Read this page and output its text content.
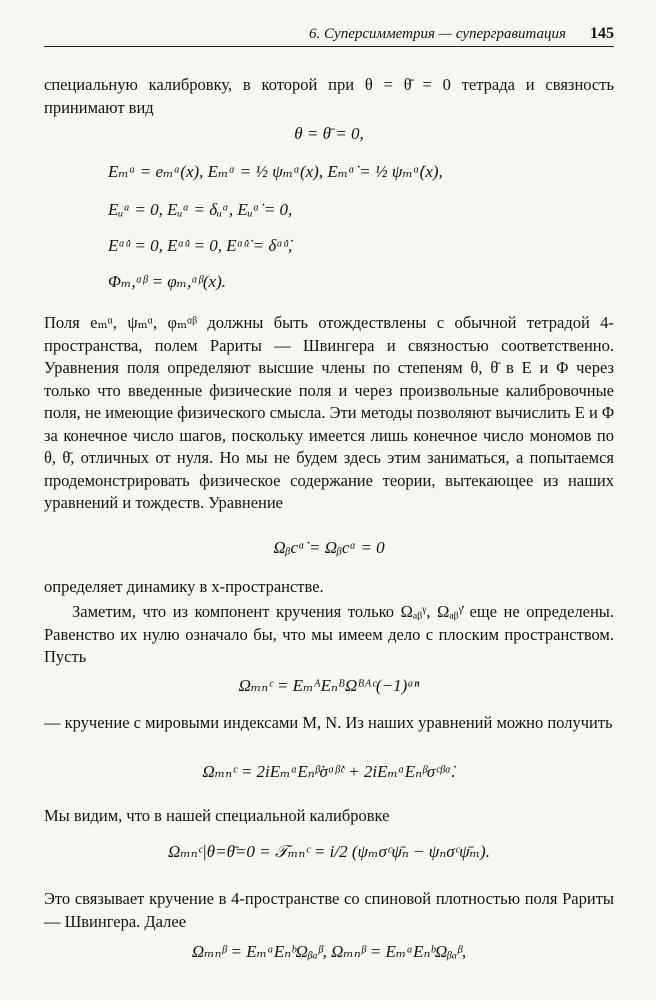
6. Суперсимметрия — супергравитация 145
специальную калибровку, в которой при θ = θ̄ = 0 тетрада и связность принимают вид
θ = θ̄ = 0,
Eₘᵃ = eₘᵃ(x), Eₘᵅ = ½ ψₘᵅ(x), Eₘᵅ̇ = ½ ψₘᵅ̇(x),
Eᵤᵃ = 0, Eᵤᵅ = δᵤᵅ, Eᵤᵅ̇ = 0,
Eᵅ̇ᵘ = 0, Eᵅ̇ᵘ = 0, Eᵅ̇ᵘ̇ = δᵅ̇ᵘ̇,
Φₘ,ᵅᵝ = φₘ,ᵅᵝ(x).
Поля eₘᵅ, ψₘᵅ, φₘᵅᵝ должны быть отождествлены с обычной тетрадой 4-пространства, полем Рариты — Швингера и связностью соответственно. Уравнения поля определяют высшие члены по степеням θ, θ̄ в E и Φ через только что введенные физические поля и через произвольные калибровочные поля, не имеющие физического смысла. Эти методы позволяют вычислить E и Φ за конечное число шагов, поскольку имеется лишь конечное число мономов по θ, θ̄, отличных от нуля. Но мы не будем здесь этим заниматься, а попытаемся продемонстрировать физическое содержание теории, вытекающее из наших уравнений и тождеств. Уравнение
Ωᵦcᵅ̇ = Ωᵦcᵅ = 0
определяет динамику в x-пространстве.
Заметим, что из компонент кручения только Ωₐᵦᵞ, Ωₐᵦᵞ̇ еще не определены. Равенство их нулю означало бы, что мы имеем дело с плоским пространством. Пусть
Ωₘₙᶜ = EₘᴬEₙᴮΩᴮᴬᶜ(−1)ᵃⁿ
— кручение с мировыми индексами M, N. Из наших уравнений можно получить
Ωₘₙᶜ = 2iEₘᵅEₙᵝ̇σᵅᵝ̇ᶜ + 2iEₘᵅ̇Eₙᵝσᶜᵝᵅ̇.
Мы видим, что в нашей специальной калибровке
Ωₘₙᶜ|θ=θ̄=0 = 𝒯ₘₙᶜ = i/2 (ψₘσᶜψ̄ₙ − ψₙσᶜψ̄ₘ).
Это связывает кручение в 4-пространстве со спиновой плотностью поля Рариты — Швингера. Далее
Ωₘₙᵝ = EₘᵃEₙᵇΩᵦₐᵝ, Ωₘₙᵝ = EₘᵃEₙᵇΩᵦₐᵝ,
